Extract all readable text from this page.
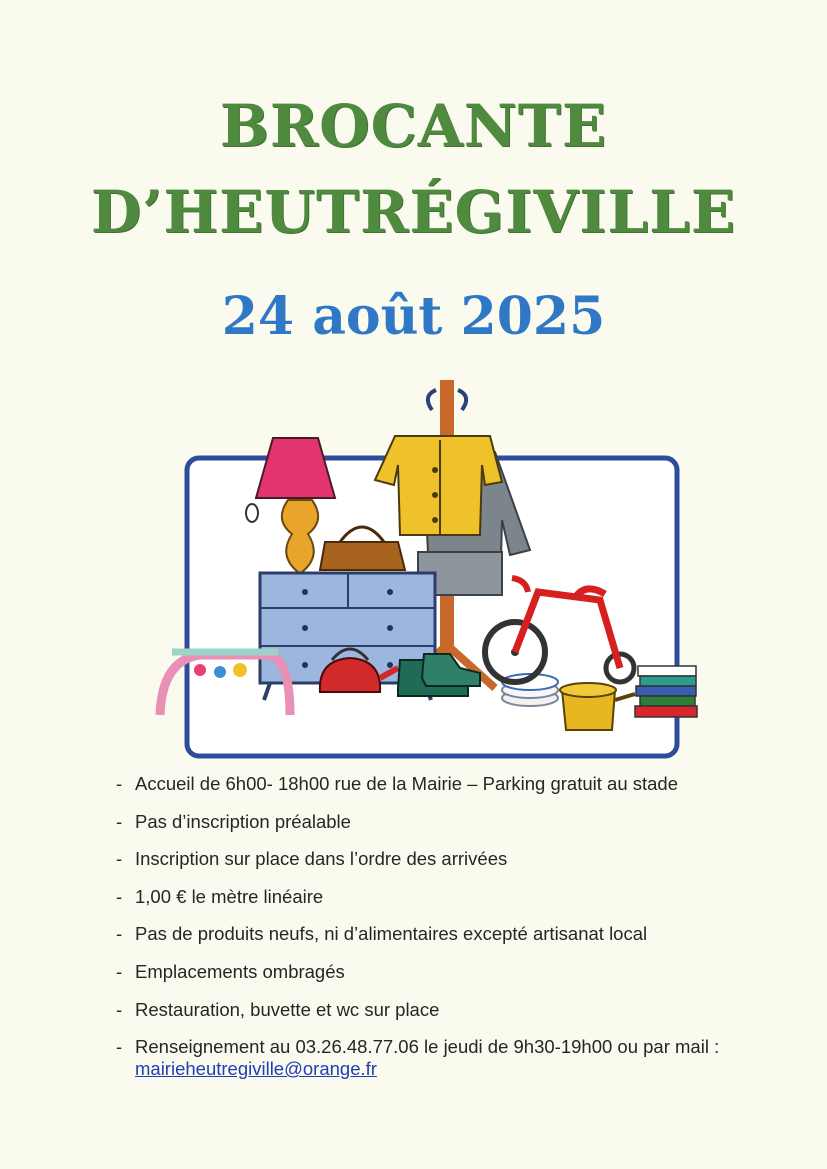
BROCANTE
D’HEUTRÉGIVILLE
24 août 2025
- Accueil de 6h00- 18h00 rue de la Mairie – Parking gratuit au stade
- Pas d’inscription préalable
- Inscription sur place dans l’ordre des arrivées
- 1,00 € le mètre linéaire
- Pas de produits neufs, ni d’alimentaires excepté artisanat local
- Emplacements ombragés
- Restauration, buvette et wc sur place
- Renseignement au 03.26.48.77.06 le jeudi de 9h30-19h00 ou par mail : mairieheutregiville@orange.fr
